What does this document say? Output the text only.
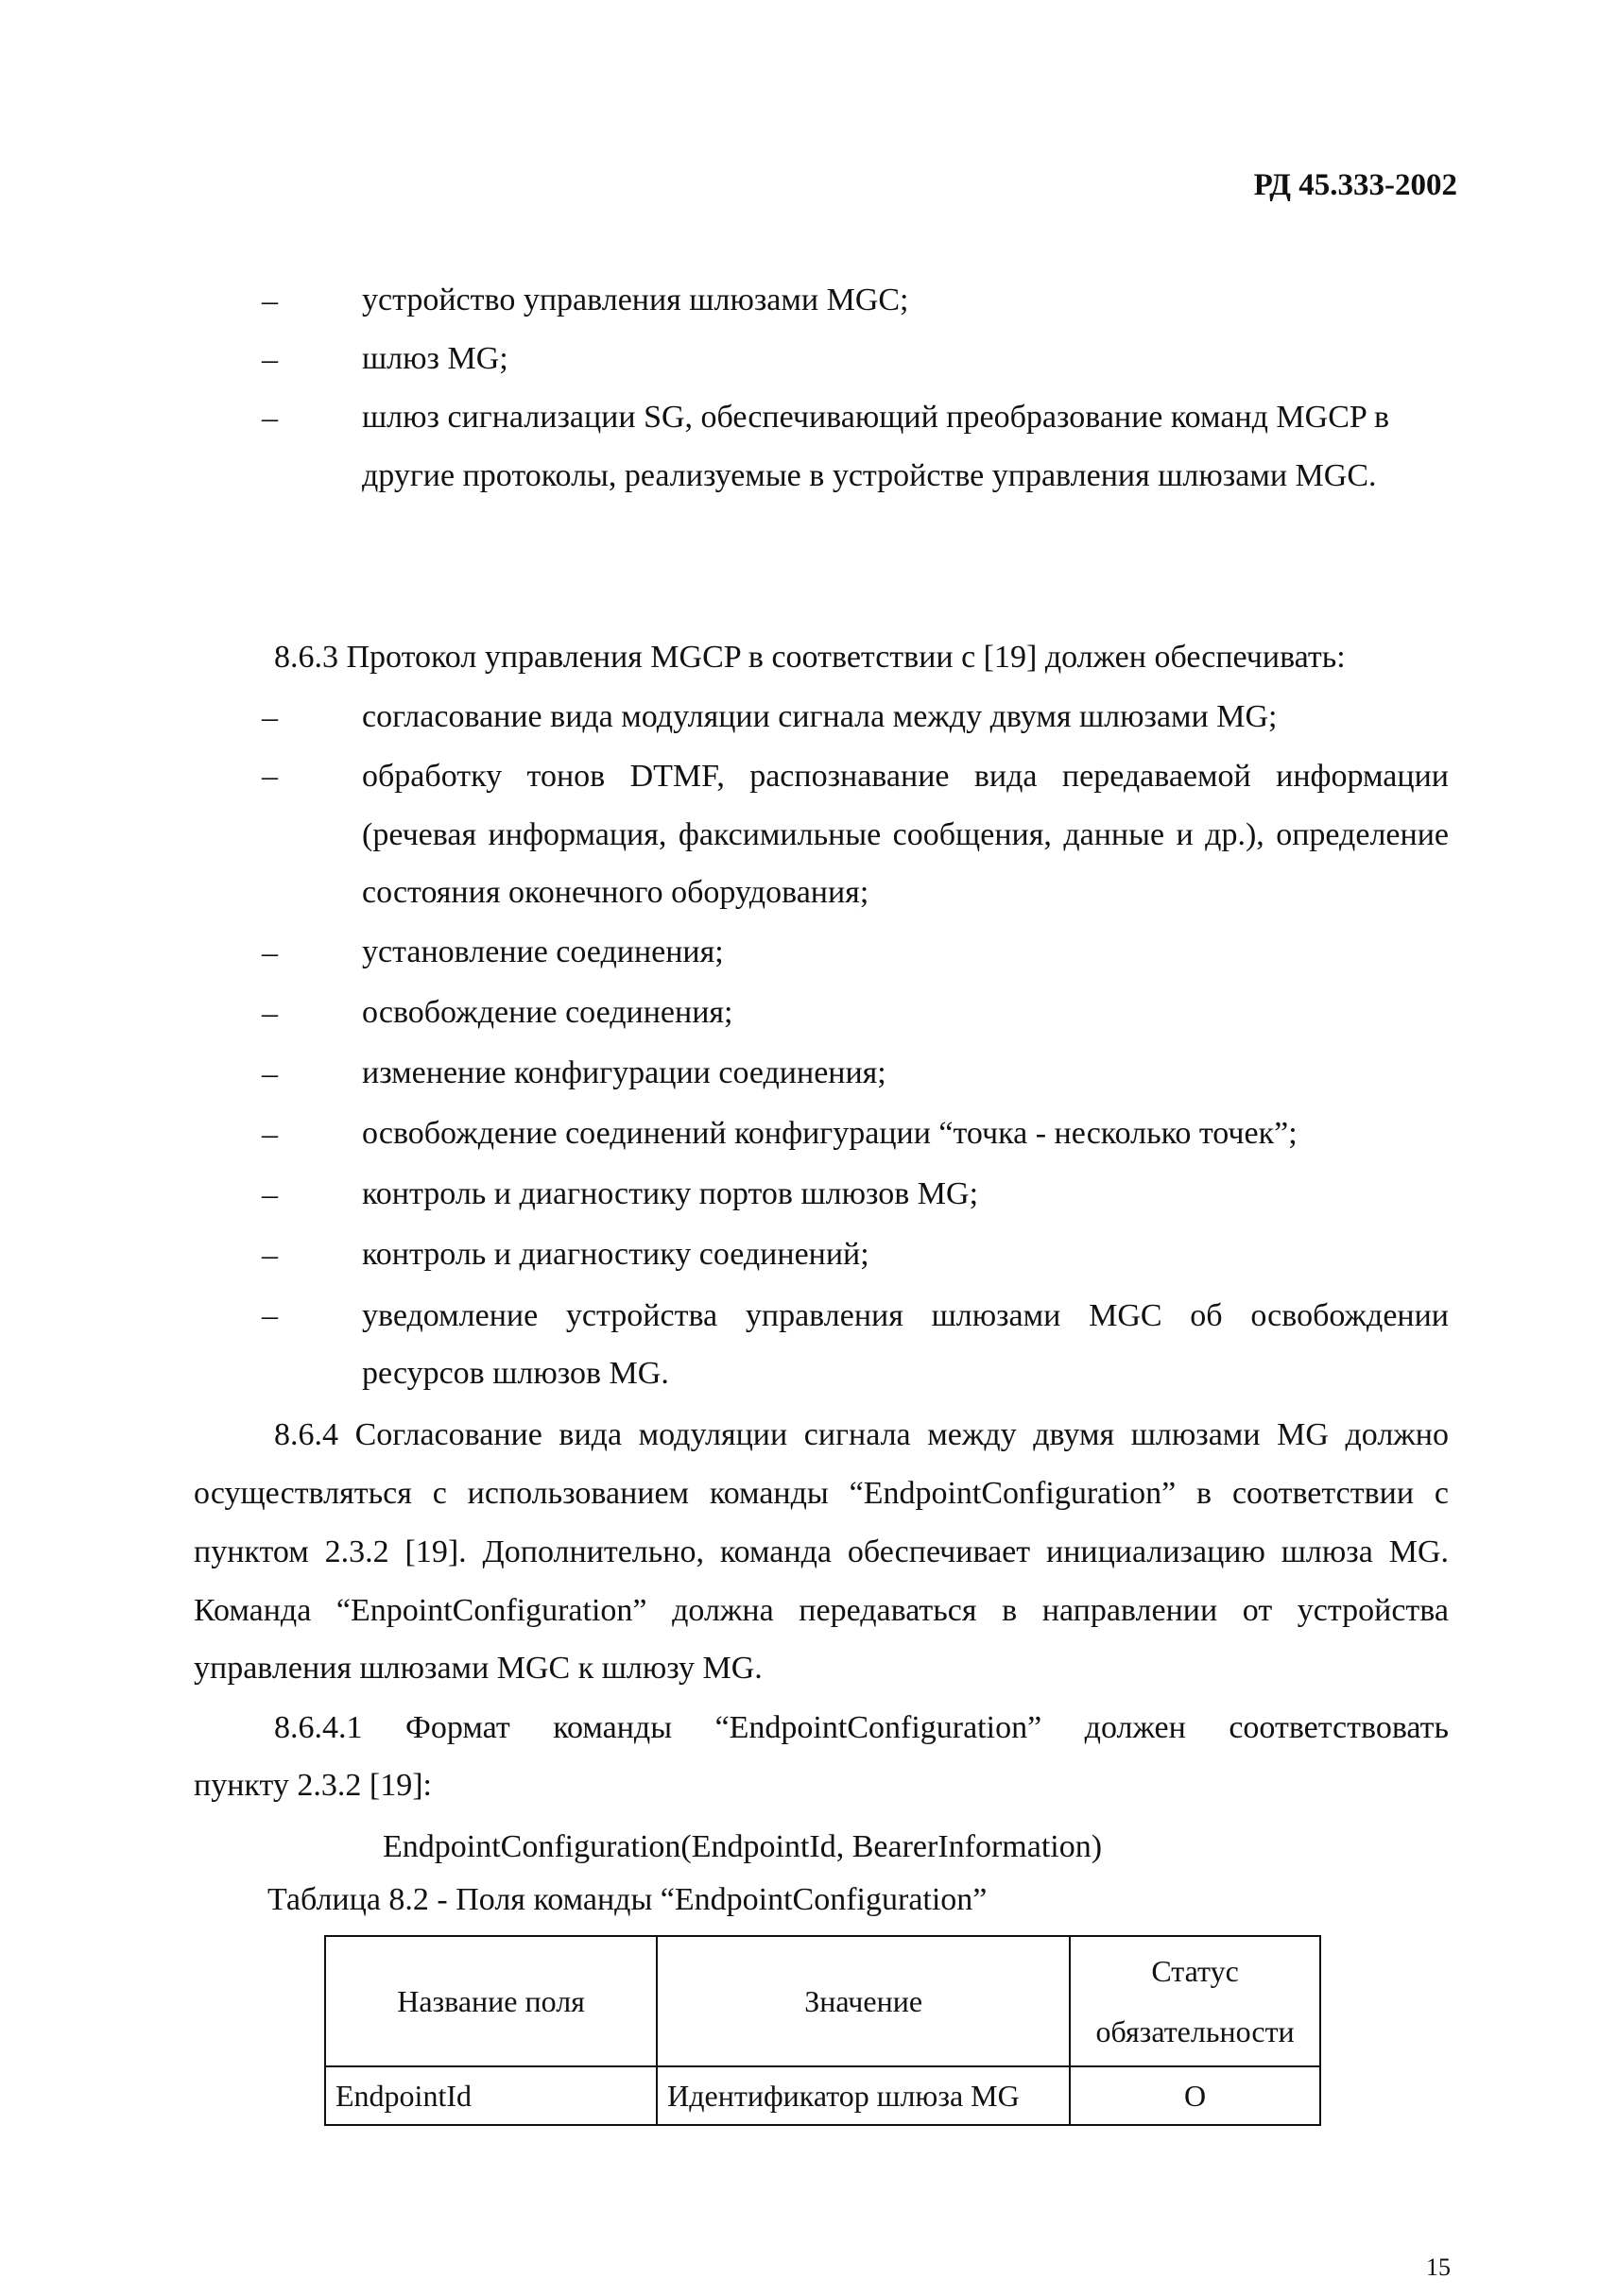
РД 45.333-2002
–	устройство управления шлюзами MGC;
–	шлюз MG;
–	шлюз сигнализации SG, обеспечивающий преобразование команд MGCP в
другие протоколы, реализуемые в устройстве управления шлюзами MGC.
8.6.3 Протокол управления MGCP в соответствии с [19] должен обеспечивать:
–	согласование вида модуляции сигнала между двумя шлюзами MG;
–	обработку тонов DTMF, распознавание вида передаваемой информации
(речевая информация, факсимильные сообщения, данные и др.), определение
состояния оконечного оборудования;
–	установление соединения;
–	освобождение соединения;
–	изменение конфигурации соединения;
–	освобождение соединений конфигурации “точка - несколько точек”;
–	контроль и диагностику портов шлюзов MG;
–	контроль и диагностику соединений;
–	уведомление устройства управления шлюзами MGC об освобождении
ресурсов шлюзов MG.
8.6.4 Согласование вида модуляции сигнала между двумя шлюзами MG должно
осуществляться с использованием команды “EndpointConfiguration” в соответствии с
пунктом 2.3.2 [19]. Дополнительно, команда обеспечивает инициализацию шлюза MG.
Команда “EnpointConfiguration” должна передаваться в направлении от устройства
управления шлюзами MGC к шлюзу MG.
8.6.4.1 Формат команды “EndpointConfiguration” должен соответствовать
пункту 2.3.2 [19]:
EndpointConfiguration(EndpointId, BearerInformation)
Таблица 8.2 - Поля команды “EndpointConfiguration”
Название поля	Значение	Статус
обязательности

EndpointId	Идентификатор шлюза MG	O
15
